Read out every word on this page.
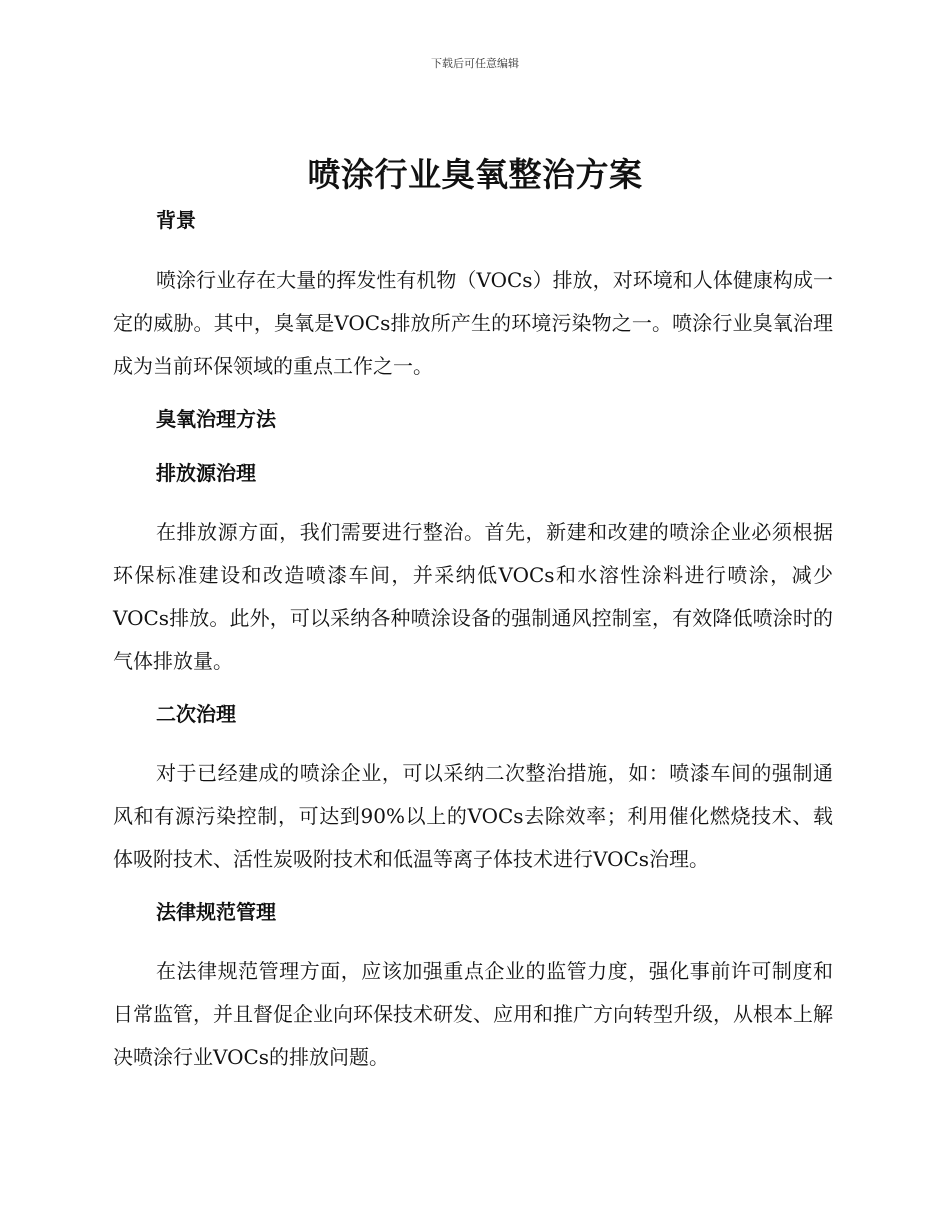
下载后可任意编辑
喷涂行业臭氧整治方案
背景

喷涂行业存在大量的挥发性有机物（VOCs）排放，对环境和人体健康构成一定的威胁。其中，臭氧是VOCs排放所产生的环境污染物之一。喷涂行业臭氧治理成为当前环保领域的重点工作之一。

臭氧治理方法
排放源治理

在排放源方面，我们需要进行整治。首先，新建和改建的喷涂企业必须根据环保标准建设和改造喷漆车间，并采纳低VOCs和水溶性涂料进行喷涂，减少VOCs排放。此外，可以采纳各种喷涂设备的强制通风控制室，有效降低喷涂时的气体排放量。

二次治理

对于已经建成的喷涂企业，可以采纳二次整治措施，如：喷漆车间的强制通风和有源污染控制，可达到90%以上的VOCs去除效率；利用催化燃烧技术、载体吸附技术、活性炭吸附技术和低温等离子体技术进行VOCs治理。

法律规范管理

在法律规范管理方面，应该加强重点企业的监管力度，强化事前许可制度和日常监管，并且督促企业向环保技术研发、应用和推广方向转型升级，从根本上解决喷涂行业VOCs的排放问题。
